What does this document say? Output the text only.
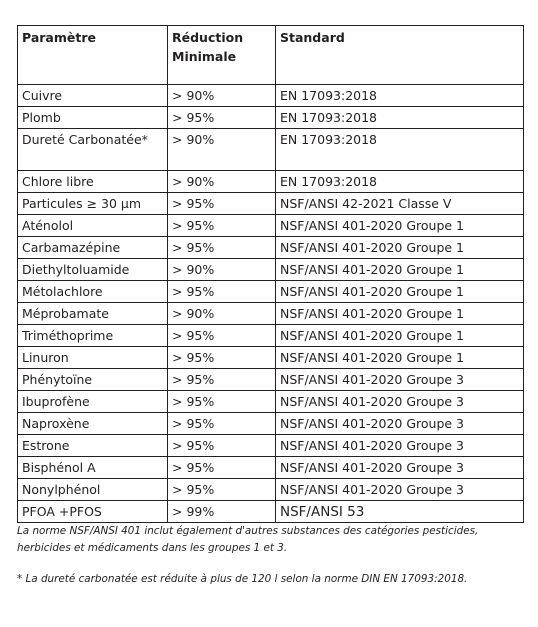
Paramètre	Réduction Minimale	Standard
Cuivre	> 90%	EN 17093:2018
Plomb	> 95%	EN 17093:2018
Dureté Carbonatée*	> 90%	EN 17093:2018
Chlore libre	> 90%	EN 17093:2018
Particules ≥ 30 µm	> 95%	NSF/ANSI 42-2021 Classe V
Aténolol	> 95%	NSF/ANSI 401-2020 Groupe 1
Carbamazépine	> 95%	NSF/ANSI 401-2020 Groupe 1
Diethyltoluamide	> 90%	NSF/ANSI 401-2020 Groupe 1
Métolachlore	> 95%	NSF/ANSI 401-2020 Groupe 1
Méprobamate	> 90%	NSF/ANSI 401-2020 Groupe 1
Triméthoprime	> 95%	NSF/ANSI 401-2020 Groupe 1
Linuron	> 95%	NSF/ANSI 401-2020 Groupe 1
Phénytoïne	> 95%	NSF/ANSI 401-2020 Groupe 3
Ibuprofène	> 95%	NSF/ANSI 401-2020 Groupe 3
Naproxène	> 95%	NSF/ANSI 401-2020 Groupe 3
Estrone	> 95%	NSF/ANSI 401-2020 Groupe 3
Bisphénol A	> 95%	NSF/ANSI 401-2020 Groupe 3
Nonylphénol	> 95%	NSF/ANSI 401-2020 Groupe 3
PFOA +PFOS	> 99%	NSF/ANSI 53

La norme NSF/ANSI 401 inclut également d'autres substances des catégories pesticides, herbicides et médicaments dans les groupes 1 et 3.

* La dureté carbonatée est réduite à plus de 120 l selon la norme DIN EN 17093:2018.
